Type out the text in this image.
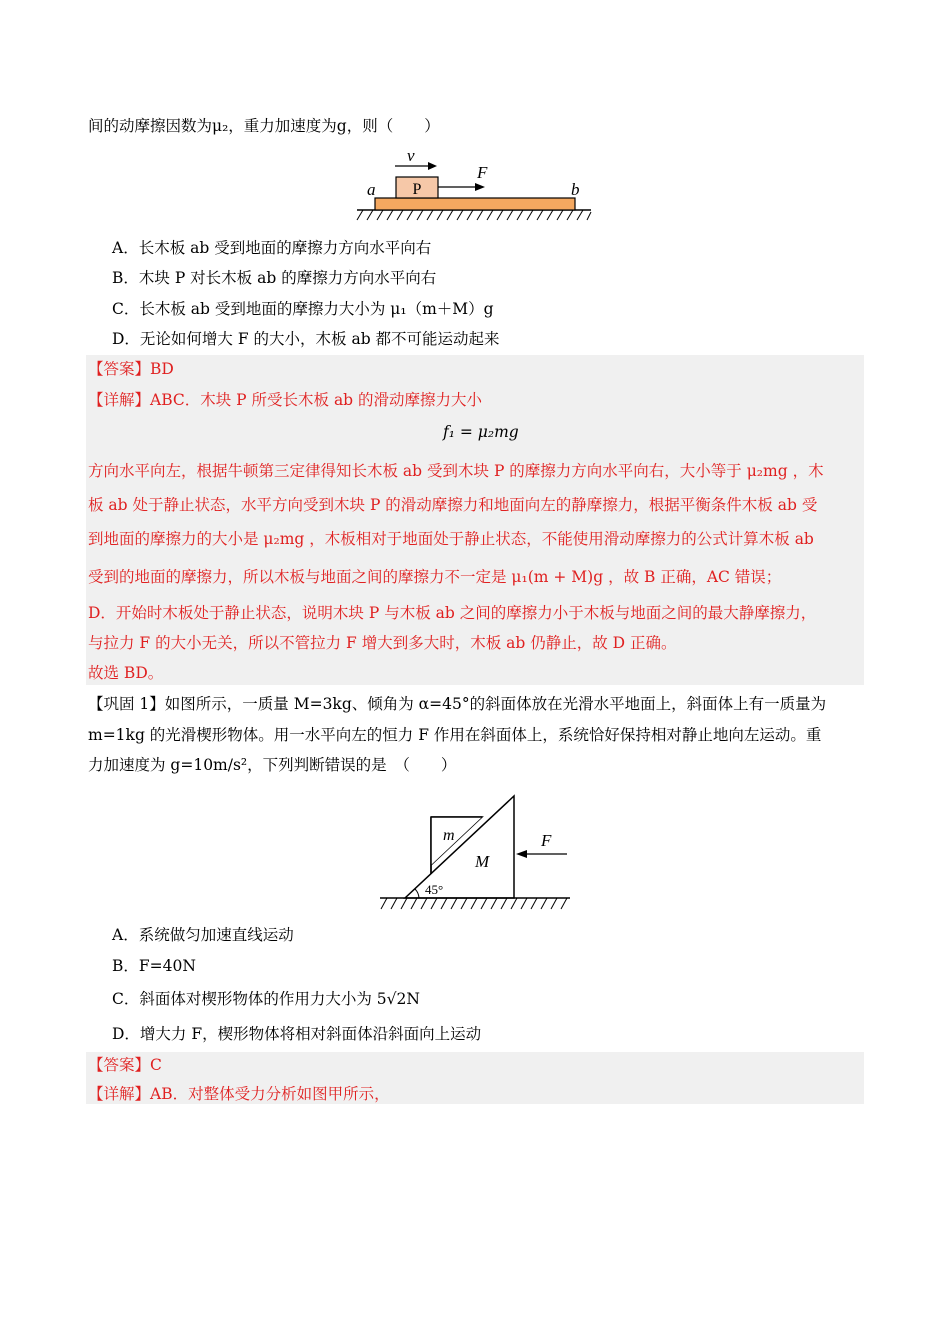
间的动摩擦因数为μ₂，重力加速度为g，则（　　）
P
v
F
a	b
A．长木板 ab 受到地面的摩擦力方向水平向右
B．木块 P 对长木板 ab 的摩擦力方向水平向右
C．长木板 ab 受到地面的摩擦力大小为 μ₁（m＋M）g
D．无论如何增大 F 的大小，木板 ab 都不可能运动起来
【答案】BD
【详解】ABC．木块 P 所受长木板 ab 的滑动摩擦力大小
f₁ = μ₂mg
方向水平向左，根据牛顿第三定律得知长木板 ab 受到木块 P 的摩擦力方向水平向右，大小等于 μ₂mg ，木
板 ab 处于静止状态，水平方向受到木块 P 的滑动摩擦力和地面向左的静摩擦力，根据平衡条件木板 ab 受
到地面的摩擦力的大小是 μ₂mg ，木板相对于地面处于静止状态，不能使用滑动摩擦力的公式计算木板 ab
受到的地面的摩擦力，所以木板与地面之间的摩擦力不一定是 μ₁(m + M)g ，故 B 正确，AC 错误；
D．开始时木板处于静止状态，说明木块 P 与木板 ab 之间的摩擦力小于木板与地面之间的最大静摩擦力，
与拉力 F 的大小无关，所以不管拉力 F 增大到多大时，木板 ab 仍静止，故 D 正确。
故选 BD。
【巩固 1】如图所示，一质量 M=3kg、倾角为 α=45°的斜面体放在光滑水平地面上，斜面体上有一质量为
m=1kg 的光滑楔形物体。用一水平向左的恒力 F 作用在斜面体上，系统恰好保持相对静止地向左运动。重
力加速度为 g=10m/s²，下列判断错误的是　（　　）
m
M
45°
F
A．系统做匀加速直线运动
B．F=40N
C．斜面体对楔形物体的作用力大小为 5√2N
D．增大力 F，楔形物体将相对斜面体沿斜面向上运动
【答案】C
【详解】AB．对整体受力分析如图甲所示，
